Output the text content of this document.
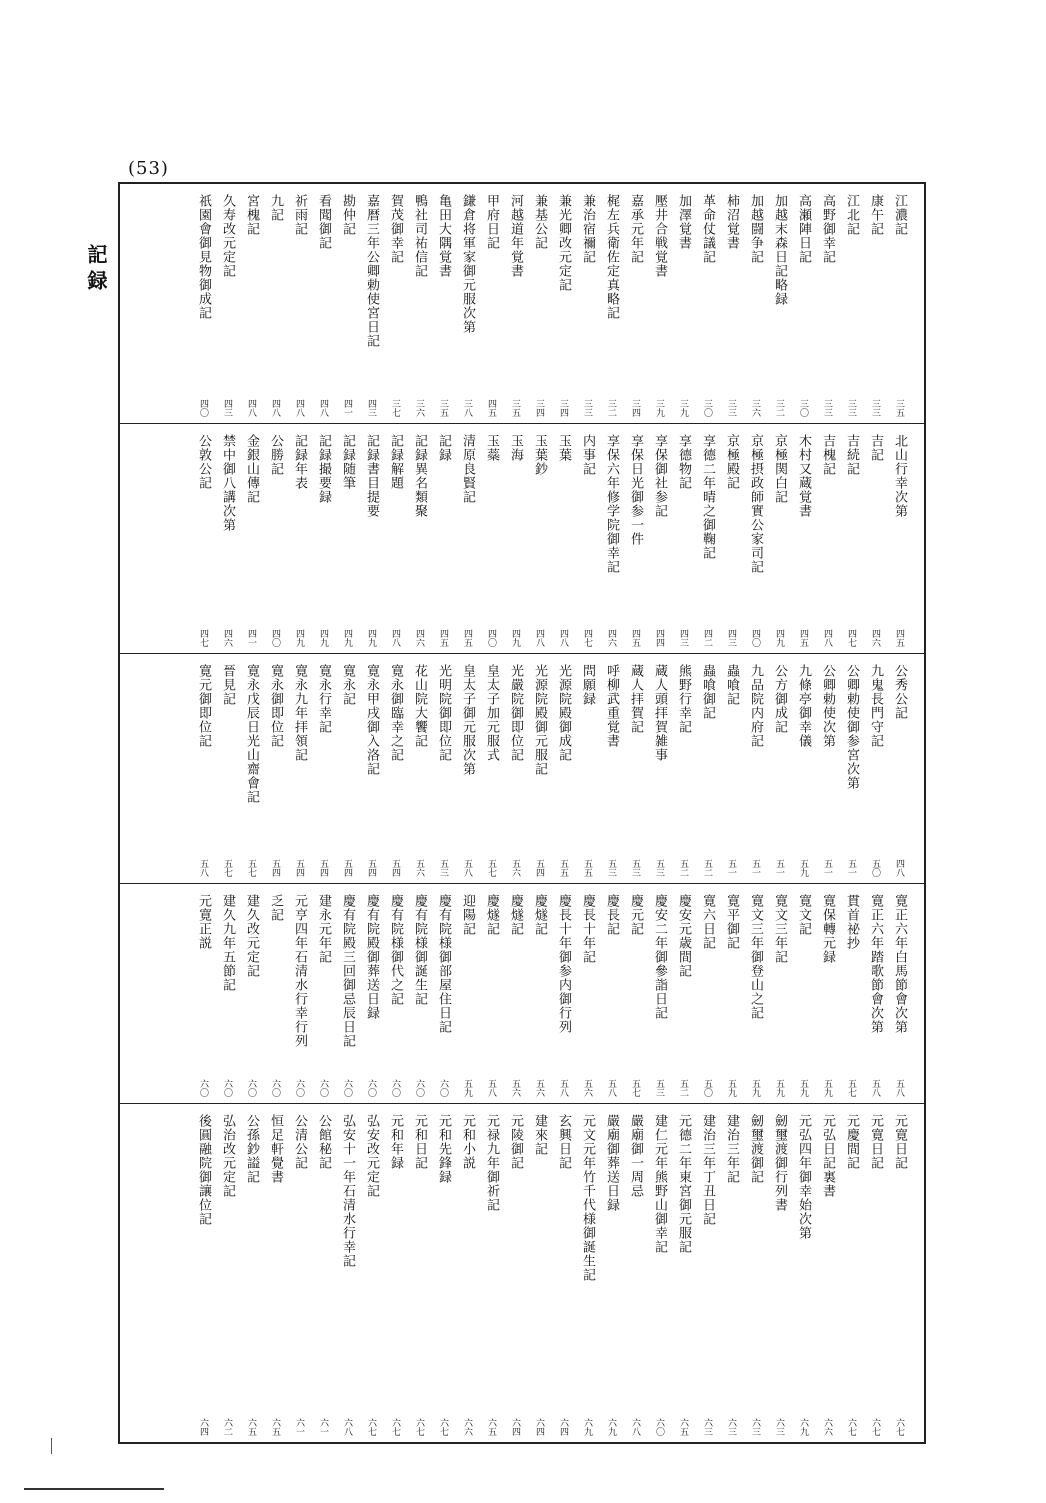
(53)
記録
江濃記
三五
康午記
三三
江北記
三三
高野御幸記
三三
高瀬陣日記
三〇
加越末森日記略録
三二
加越闘争記
三六
柿沼覚書
三三
革命仗議記
三〇
加澤覚書
三九
壓井合戦覚書
三九
嘉承元年記
三四
梶左兵衛佐定真略記
三二
兼治宿禰記
三三
兼光卿改元定記
三四
兼基公記
三四
河越道年覚書
三五
甲府日記
四五
鎌倉将軍家御元服次第
三八
亀田大隅覚書
三五
鴨社司祐信記
三六
賀茂御幸記
三七
嘉暦三年公卿勅使宮日記
四三
勘仲記
四一
看聞御記
四八
祈雨記
四八
九記
四八
宮槐記
四八
久寿改元定記
四三
祇園會御見物御成記
四〇
北山行幸次第
四五
吉記
四六
吉続記
四七
吉槐記
四八
木村又蔵覚書
四五
京極関白記
四九
京極摂政師實公家司記
四〇
京極殿記
四三
享德二年晴之御鞠記
四二
享德物記
四三
享保御社参記
四四
享保日光御参一件
四五
享保六年修学院御幸記
四六
内事記
四七
玉葉
四八
玉葉鈔
四八
玉海
四九
玉蘂
四〇
清原良賢記
四五
記録
四五
記録異名類聚
四六
記録解題
四八
記録書目提要
四九
記録随筆
四九
記録撮要録
四九
記録年表
四九
公勝記
四〇
金銀山傳記
四一
禁中御八講次第
四六
公敦公記
四七
公秀公記
四八
九鬼長門守記
五〇
公卿勅使御参宮次第
五一
公卿勅使次第
五一
九條亭御幸儀
五九
公方御成記
五一
九品院内府記
五一
蟲喰記
五一
蟲喰御記
五二
熊野行幸記
五二
蔵人頭拝賀雑事
五三
蔵人拝賀記
五三
呼柳武重覚書
五三
問願録
五五
光源院殿御成記
五五
光源院殿御元服記
五四
光嚴院御即位記
五六
皇太子加元服式
五七
皇太子御元服次第
五八
光明院御即位記
五三
花山院大饗記
五六
寛永御臨幸之記
五四
寛永甲戌御入洛記
五四
寛永記
五四
寛永行幸記
五四
寛永九年拝領記
五四
寛永御即位記
五四
寛永戊辰日光山齋會記
五七
晉見記
五七
寛元御即位記
五八
寛正六年白馬節會次第
五八
寛正六年踏歌節會次第
五八
貫首祕抄
五七
寛保轉元録
五九
寛文記
五九
寛文三年記
五九
寛文三年御登山之記
五九
寛平御記
五九
寛六日記
五〇
慶安元歳間記
五二
慶安二年御參詣日記
五三
慶元記
五七
慶長記
五八
慶長十年記
五六
慶長十年御参内御行列
五八
慶燧記
五六
慶燧記
五六
慶燧記
五八
迎陽記
五九
慶有院様御部屋住日記
六〇
慶有院様御誕生記
六〇
慶有院様御代之記
六〇
慶有院殿御葬送日録
六〇
慶有院殿三回御忌辰日記
六〇
建永元年記
六〇
元亨四年石清水行幸行列
六〇
乏記
六〇
建久改元定記
六〇
建久九年五節記
六〇
元寛正説
六〇
元寛日記
六七
元寛日記
六七
元慶間記
六七
元弘日記裏書
六六
元弘四年御幸始次第
六九
劒璽渡御行列書
六三
劒璽渡御記
六三
建治三年記
六三
建治三年丁丑日記
六三
元德二年東宮御元服記
六五
建仁元年熊野山御幸記
六〇
嚴廟御一周忌
六八
嚴廟御葬送日録
六九
元文元年竹千代様御誕生記
六九
玄興日記
六四
建來記
六四
元陵御記
六四
元禄九年御祈記
六五
元和小説
六六
元和先鋒録
六七
元和日記
六七
元和年録
六七
弘安改元定記
六七
弘安十一年石清水行幸記
六八
公館秘記
六一
公清公記
六一
恒足軒覺書
六五
公孫鈔謚記
六五
弘治改元定記
六二
後圓融院御讓位記
六四
